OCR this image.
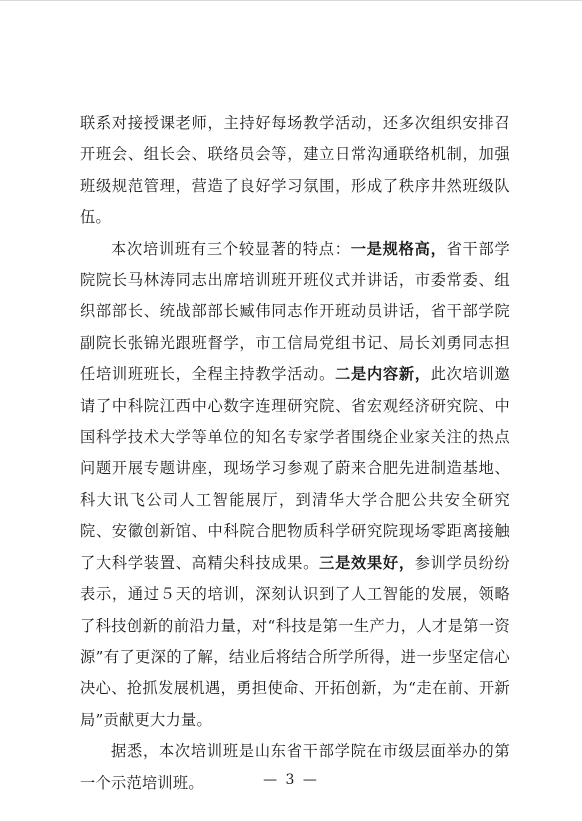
联系对接授课老师，主持好每场教学活动，还多次组织安排召开班会、组长会、联络员会等，建立日常沟通联络机制，加强班级规范管理，营造了良好学习氛围，形成了秩序井然班级队伍。

本次培训班有三个较显著的特点：一是规格高，省干部学院院长马林涛同志出席培训班开班仪式并讲话，市委常委、组织部部长、统战部部长臧伟同志作开班动员讲话，省干部学院副院长张锦光跟班督学，市工信局党组书记、局长刘勇同志担任培训班班长，全程主持教学活动。二是内容新，此次培训邀请了中科院江西中心数字连理研究院、省宏观经济研究院、中国科学技术大学等单位的知名专家学者围绕企业家关注的热点问题开展专题讲座，现场学习参观了蔚来合肥先进制造基地、科大讯飞公司人工智能展厅，到清华大学合肥公共安全研究院、安徽创新馆、中科院合肥物质科学研究院现场零距离接触了大科学装置、高精尖科技成果。三是效果好，参训学员纷纷表示，通过５天的培训，深刻认识到了人工智能的发展，领略了科技创新的前沿力量，对“科技是第一生产力，人才是第一资源”有了更深的了解，结业后将结合所学所得，进一步坚定信心决心、抢抓发展机遇，勇担使命、开拓创新，为“走在前、开新局”贡献更大力量。

据悉，本次培训班是山东省干部学院在市级层面举办的第一个示范培训班。	— 3 —
